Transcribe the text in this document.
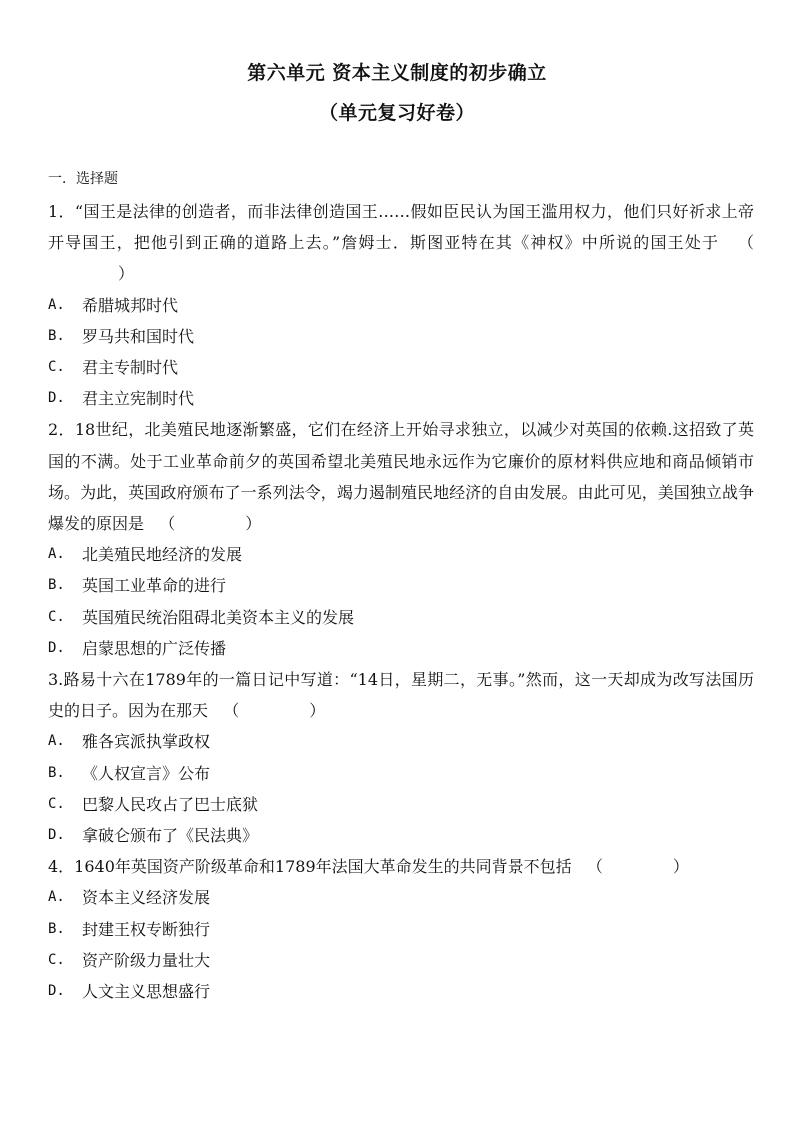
第六单元 资本主义制度的初步确立
（单元复习好卷）
一．选择题
1．“国王是法律的创造者，而非法律创造国王……假如臣民认为国王滥用权力，他们只好祈求上帝开导国王，把他引到正确的道路上去。”詹姆士．斯图亚特在其《神权》中所说的国王处于 （）
A.	希腊城邦时代
B.	罗马共和国时代
C.	君主专制时代
D.	君主立宪制时代
2．18世纪，北美殖民地逐渐繁盛，它们在经济上开始寻求独立，以减少对英国的依赖.这招致了英国的不满。处于工业革命前夕的英国希望北美殖民地永远作为它廉价的原材料供应地和商品倾销市场。为此，英国政府颁布了一系列法令，竭力遏制殖民地经济的自由发展。由此可见，美国独立战争爆发的原因是 （	）
A.	北美殖民地经济的发展
B.	英国工业革命的进行
C.	英国殖民统治阻碍北美资本主义的发展
D.	启蒙思想的广泛传播
3.路易十六在1789年的一篇日记中写道：“14日，星期二，无事。”然而，这一天却成为改写法国历史的日子。因为在那天 （	）
A.	雅各宾派执掌政权
B.	《人权宣言》公布
C.	巴黎人民攻占了巴士底狱
D.	拿破仑颁布了《民法典》
4．1640年英国资产阶级革命和1789年法国大革命发生的共同背景不包括 （	）
A.	资本主义经济发展
B.	封建王权专断独行
C.	资产阶级力量壮大
D.	人文主义思想盛行
